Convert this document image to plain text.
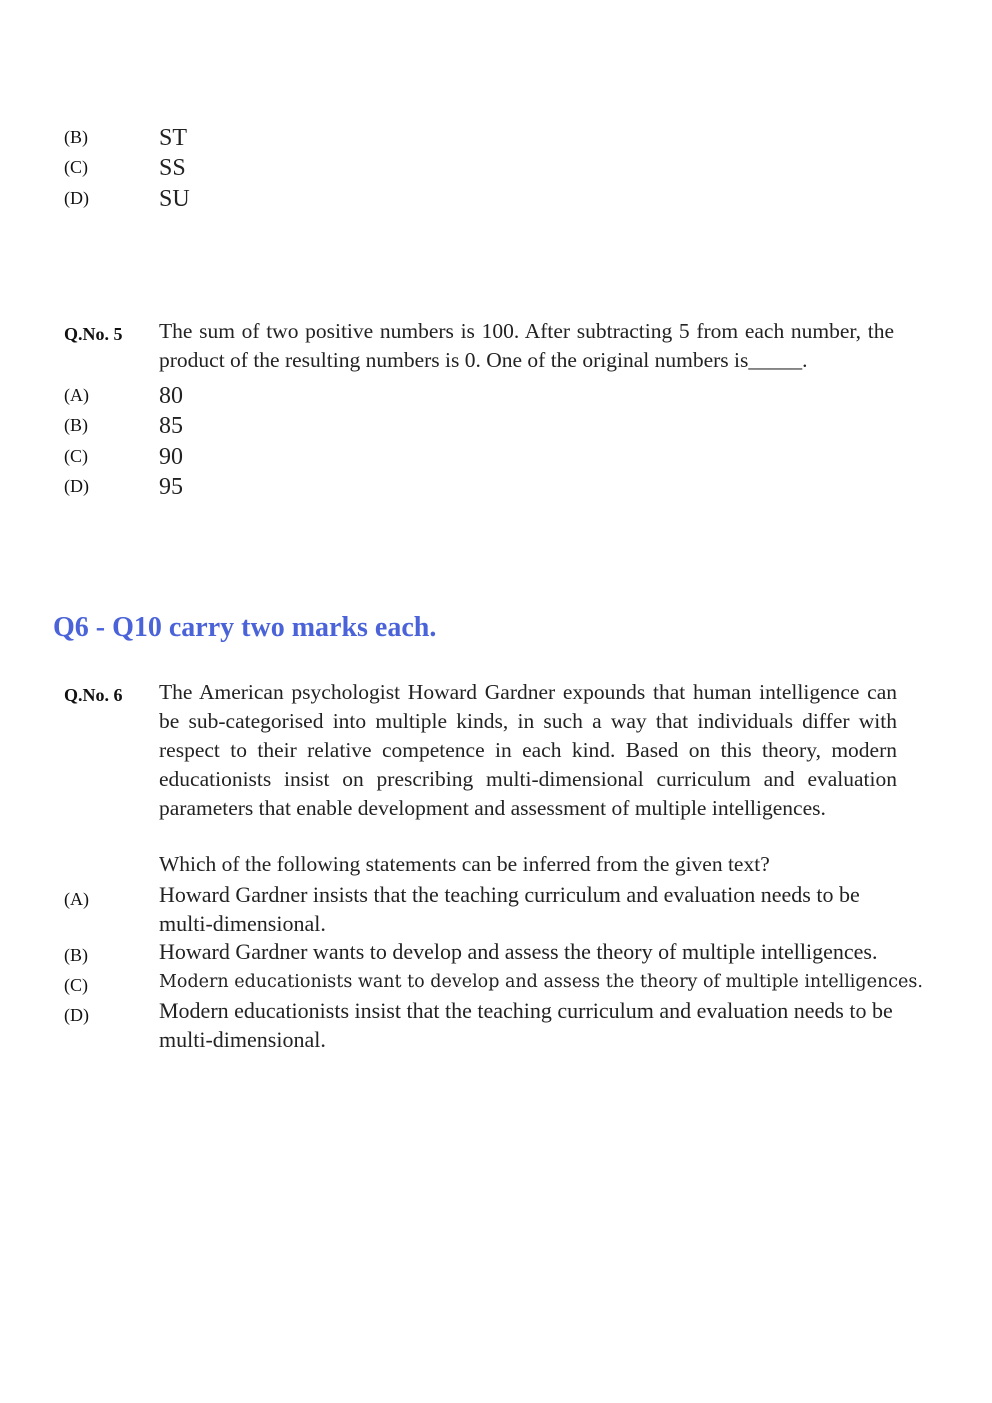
(B)	ST
(C)	SS
(D)	SU
Q.No. 5 The sum of two positive numbers is 100. After subtracting 5 from each number, the product of the resulting numbers is 0. One of the original numbers is_____.
(A)	80
(B)	85
(C)	90
(D)	95
Q6 - Q10 carry two marks each.
Q.No. 6 The American psychologist Howard Gardner expounds that human intelligence can be sub-categorised into multiple kinds, in such a way that individuals differ with respect to their relative competence in each kind. Based on this theory, modern educationists insist on prescribing multi-dimensional curriculum and evaluation parameters that enable development and assessment of multiple intelligences.
Which of the following statements can be inferred from the given text?
(A)	Howard Gardner insists that the teaching curriculum and evaluation needs to be multi-dimensional.
(B)	Howard Gardner wants to develop and assess the theory of multiple intelligences.
(C)	Modern educationists want to develop and assess the theory of multiple intelligences.
(D)	Modern educationists insist that the teaching curriculum and evaluation needs to be multi-dimensional.
